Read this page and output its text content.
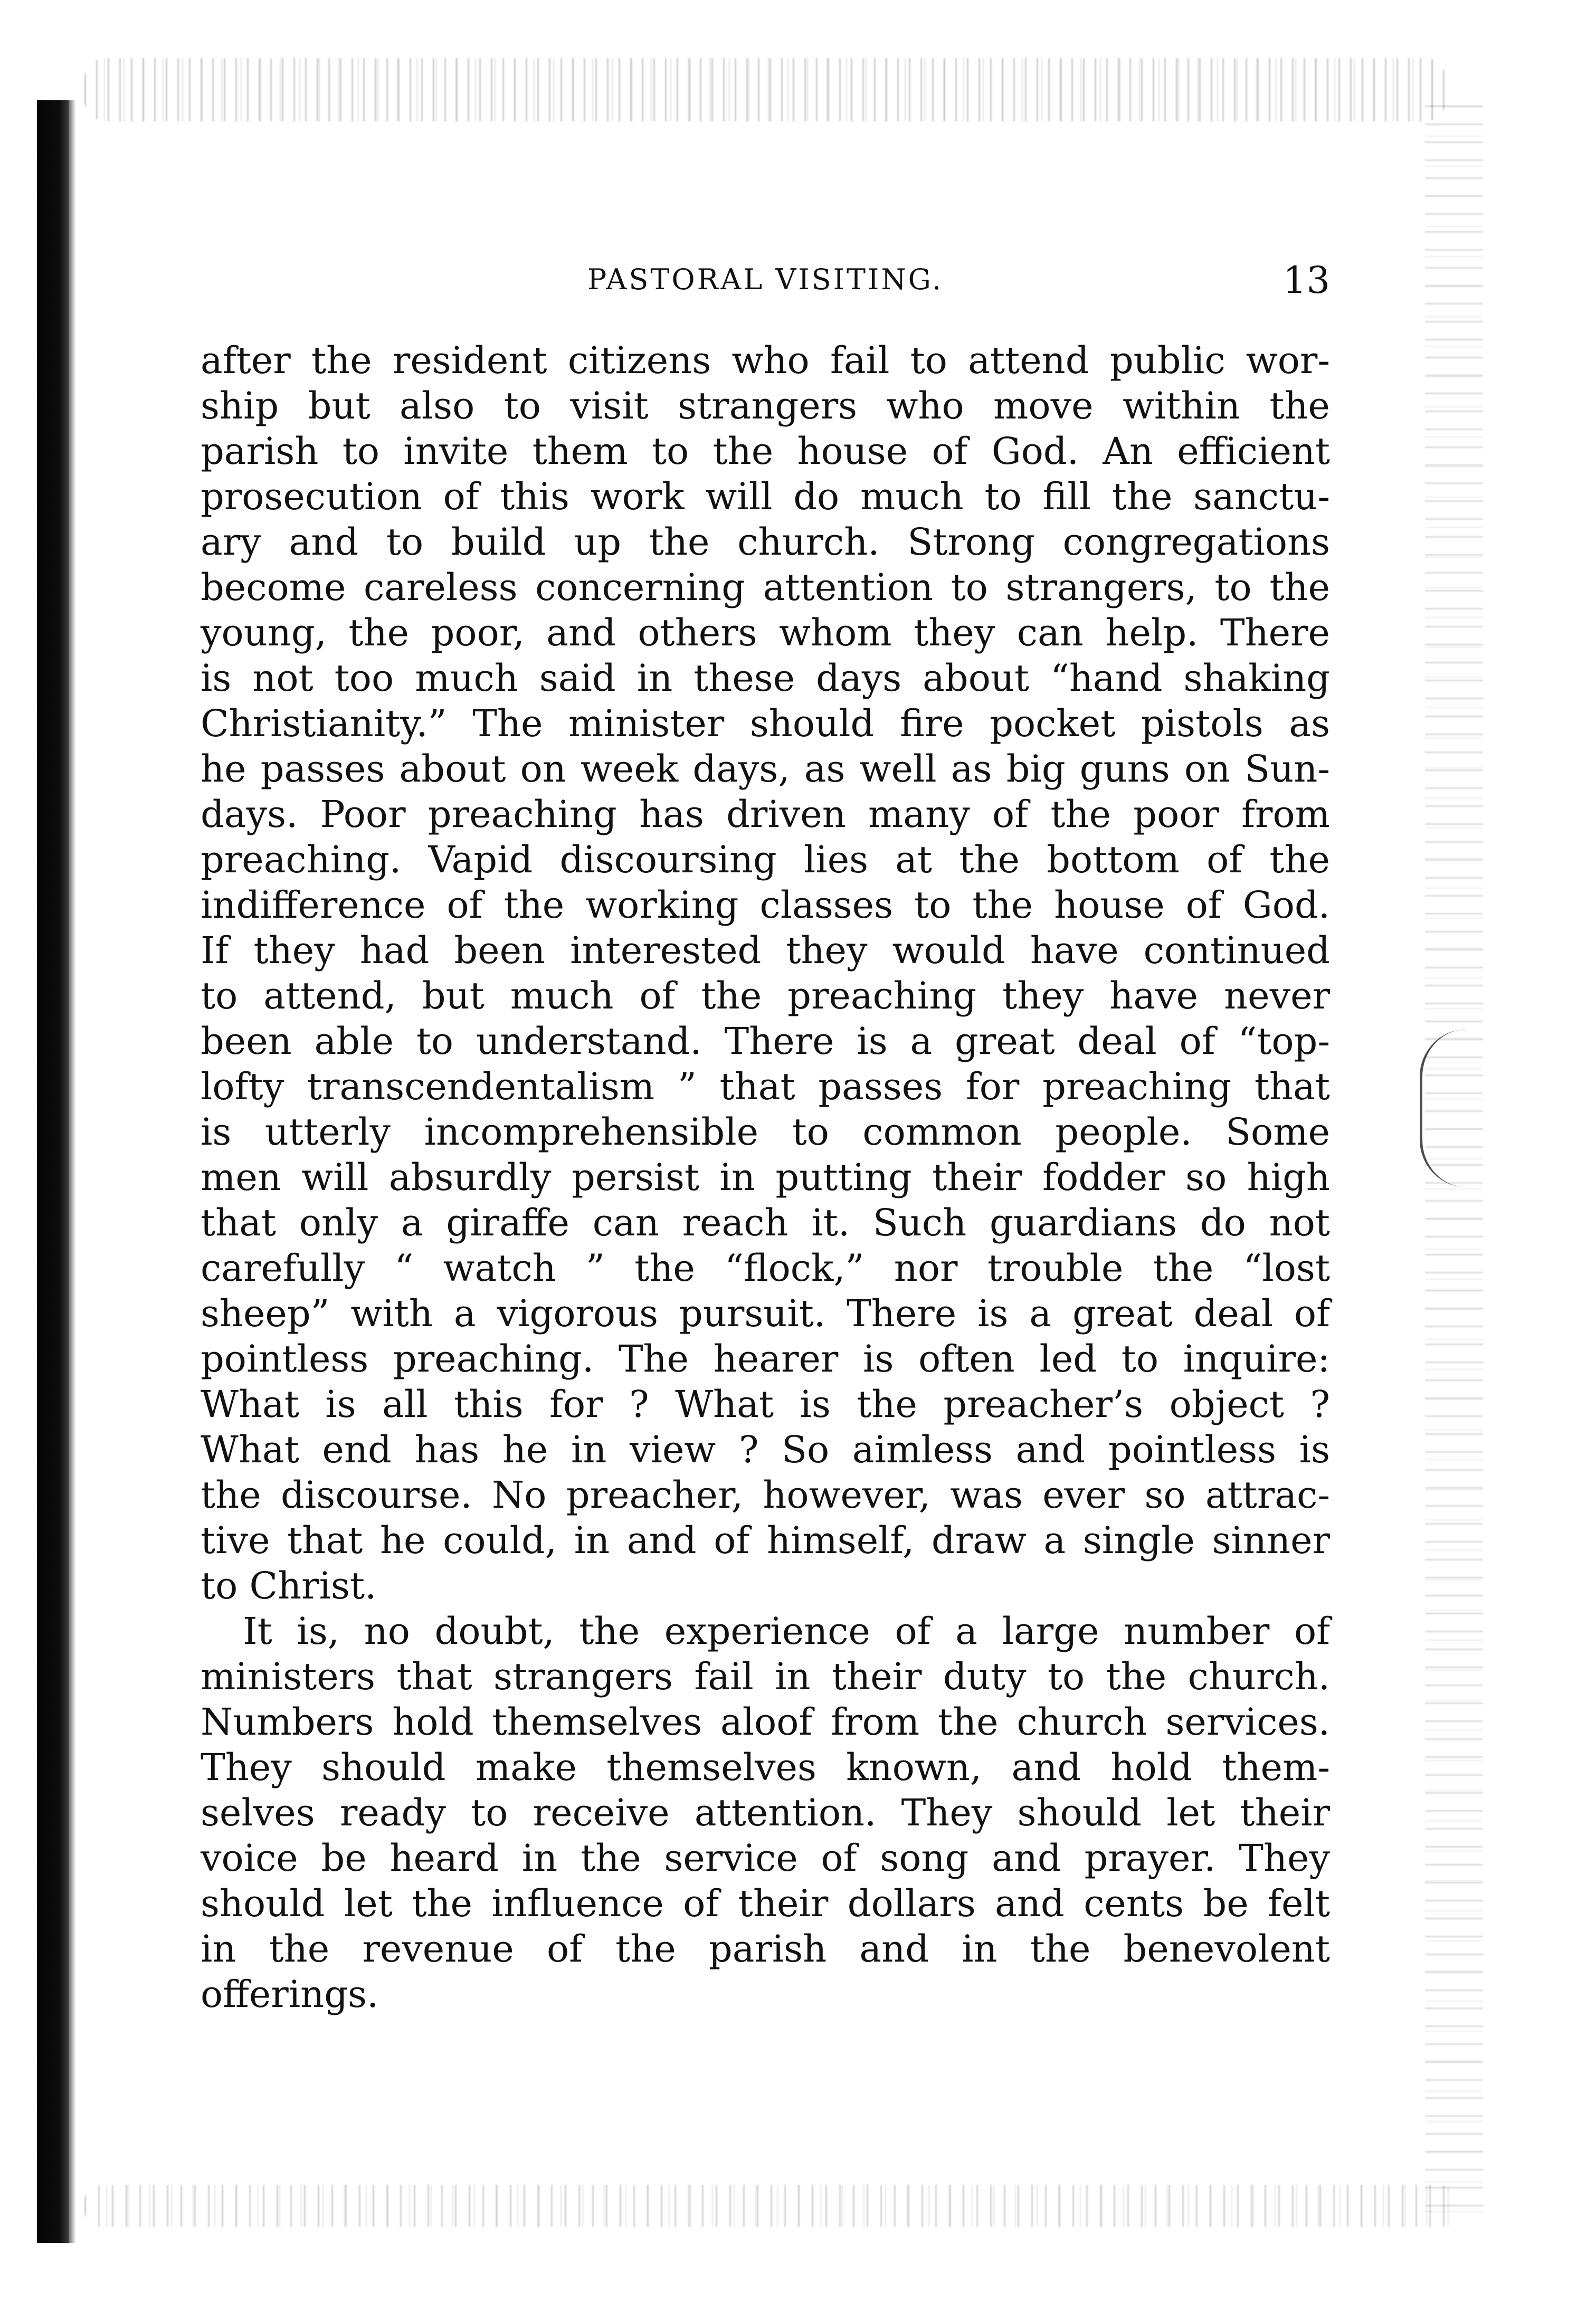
PASTORAL VISITING.	13
after the resident citizens who fail to attend public wor-
ship but also to visit strangers who move within the
parish to invite them to the house of God. An efficient
prosecution of this work will do much to fill the sanctu-
ary and to build up the church. Strong congregations
become careless concerning attention to strangers, to the
young, the poor, and others whom they can help. There
is not too much said in these days about “hand shaking
Christianity.” The minister should fire pocket pistols as
he passes about on week days, as well as big guns on Sun-
days. Poor preaching has driven many of the poor from
preaching. Vapid discoursing lies at the bottom of the
indifference of the working classes to the house of God.
If they had been interested they would have continued
to attend, but much of the preaching they have never
been able to understand. There is a great deal of “top-
lofty transcendentalism ” that passes for preaching that
is utterly incomprehensible to common people. Some
men will absurdly persist in putting their fodder so high
that only a giraffe can reach it. Such guardians do not
carefully “ watch ” the “flock,” nor trouble the “lost
sheep” with a vigorous pursuit. There is a great deal of
pointless preaching. The hearer is often led to inquire:
What is all this for ? What is the preacher’s object ?
What end has he in view ? So aimless and pointless is
the discourse. No preacher, however, was ever so attrac-
tive that he could, in and of himself, draw a single sinner
to Christ.
It is, no doubt, the experience of a large number of
ministers that strangers fail in their duty to the church.
Numbers hold themselves aloof from the church services.
They should make themselves known, and hold them-
selves ready to receive attention. They should let their
voice be heard in the service of song and prayer. They
should let the influence of their dollars and cents be felt
in the revenue of the parish and in the benevolent
offerings.
